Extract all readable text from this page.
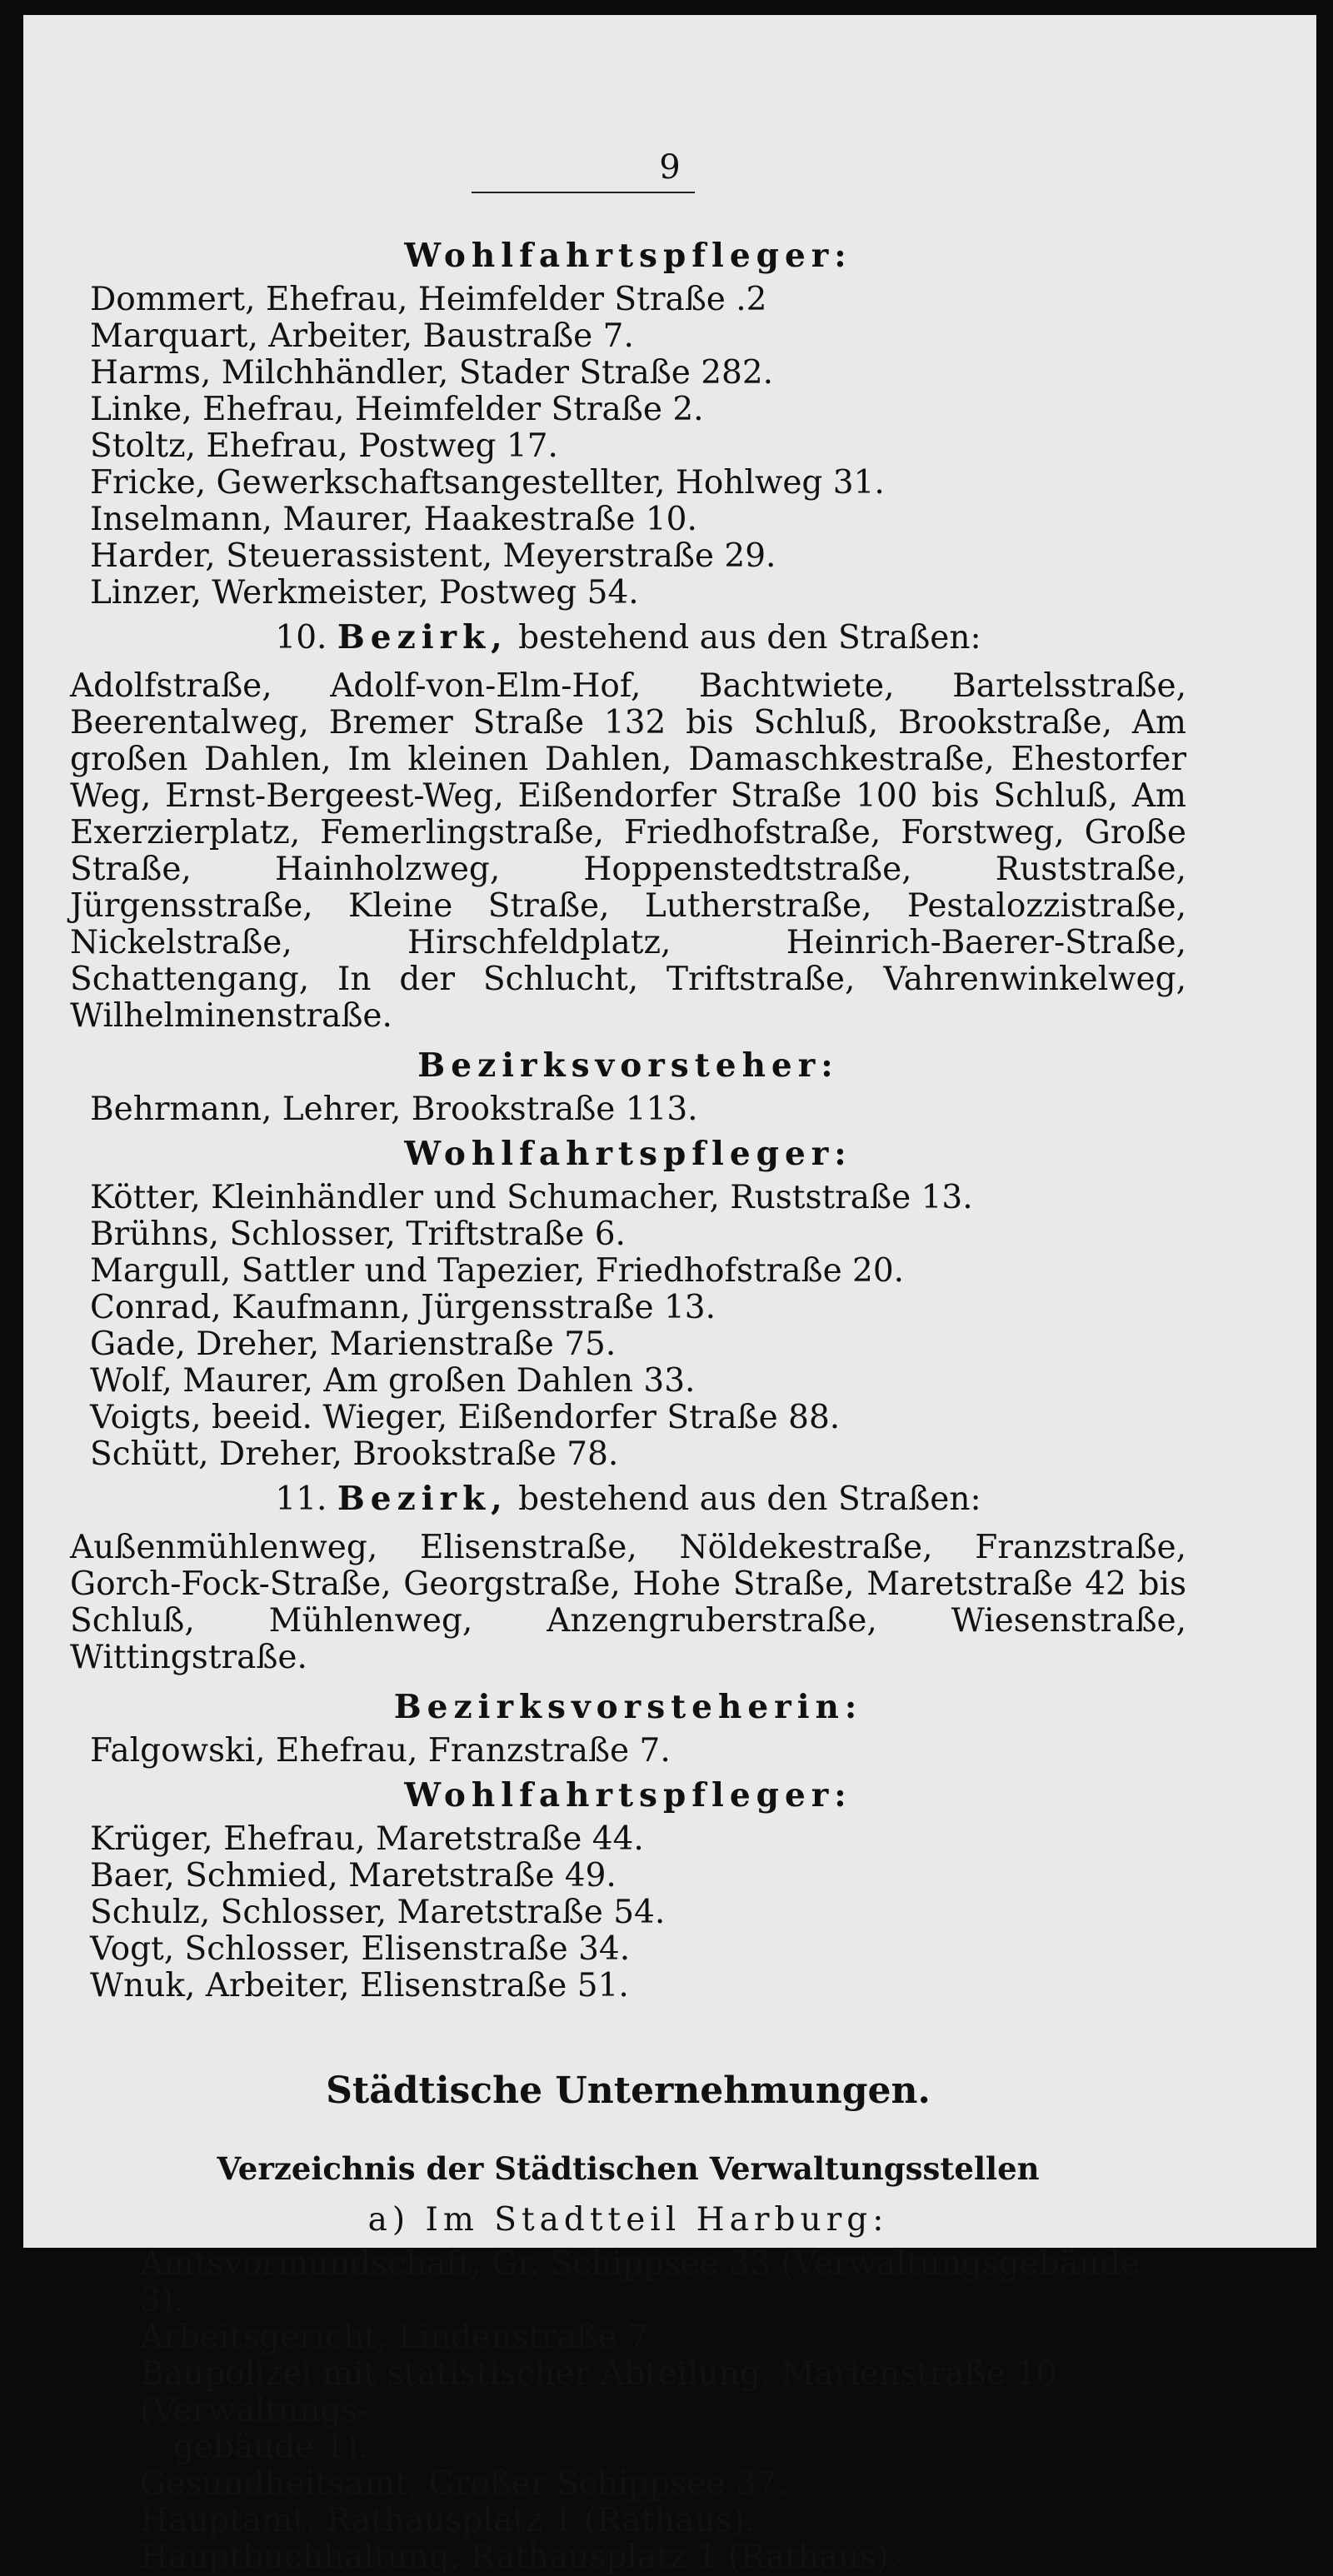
9
Wohlfahrtspfleger:
Dommert, Ehefrau, Heimfelder Straße .2
Marquart, Arbeiter, Baustraße 7.
Harms, Milchhändler, Stader Straße 282.
Linke, Ehefrau, Heimfelder Straße 2.
Stoltz, Ehefrau, Postweg 17.
Fricke, Gewerkschaftsangestellter, Hohlweg 31.
Inselmann, Maurer, Haakestraße 10.
Harder, Steuerassistent, Meyerstraße 29.
Linzer, Werkmeister, Postweg 54.
10. Bezirk, bestehend aus den Straßen:
Adolfstraße, Adolf-von-Elm-Hof, Bachtwiete, Bartelsstraße, Beerentalweg, Bremer Straße 132 bis Schluß, Brookstraße, Am großen Dahlen, Im kleinen Dahlen, Damaschkestraße, Ehestorfer Weg, Ernst-Bergeest-Weg, Eißendorfer Straße 100 bis Schluß, Am Exerzierplatz, Femerlingstraße, Friedhofstraße, Forstweg, Große Straße, Hainholzweg, Hoppenstedtstraße, Ruststraße, Jürgensstraße, Kleine Straße, Lutherstraße, Pestalozzistraße, Nickelstraße, Hirschfeldplatz, Heinrich-Baerer-Straße, Schattengang, In der Schlucht, Triftstraße, Vahrenwinkelweg, Wilhelminenstraße.
Bezirksvorsteher:
Behrmann, Lehrer, Brookstraße 113.
Wohlfahrtspfleger:
Kötter, Kleinhändler und Schumacher, Ruststraße 13.
Brühns, Schlosser, Triftstraße 6.
Margull, Sattler und Tapezier, Friedhofstraße 20.
Conrad, Kaufmann, Jürgensstraße 13.
Gade, Dreher, Marienstraße 75.
Wolf, Maurer, Am großen Dahlen 33.
Voigts, beeid. Wieger, Eißendorfer Straße 88.
Schütt, Dreher, Brookstraße 78.
11. Bezirk, bestehend aus den Straßen:
Außenmühlenweg, Elisenstraße, Nöldekestraße, Franzstraße, Gorch-Fock-Straße, Georgstraße, Hohe Straße, Maretstraße 42 bis Schluß, Mühlenweg, Anzengruberstraße, Wiesenstraße, Wittingstraße.
Bezirksvorsteherin:
Falgowski, Ehefrau, Franzstraße 7.
Wohlfahrtspfleger:
Krüger, Ehefrau, Maretstraße 44.
Baer, Schmied, Maretstraße 49.
Schulz, Schlosser, Maretstraße 54.
Vogt, Schlosser, Elisenstraße 34.
Wnuk, Arbeiter, Elisenstraße 51.
Städtische Unternehmungen.
Verzeichnis der Städtischen Verwaltungsstellen
a) Im Stadtteil Harburg:
Amtsvormundschaft, Gr. Schippsee 33 (Verwaltungsgebäude 3).
Arbeitsgericht, Lindenstraße 7.
Baupolizei mit statistischer Abteilung, Marienstraße 10 (Verwaltungs-
gebäude 1).
Gesundheitsamt, Großer Schippsee 37.
Hauptamt, Rathausplatz 1 (Rathaus).
Hauptbuchhaltung, Rathausplatz 1 (Rathaus).
